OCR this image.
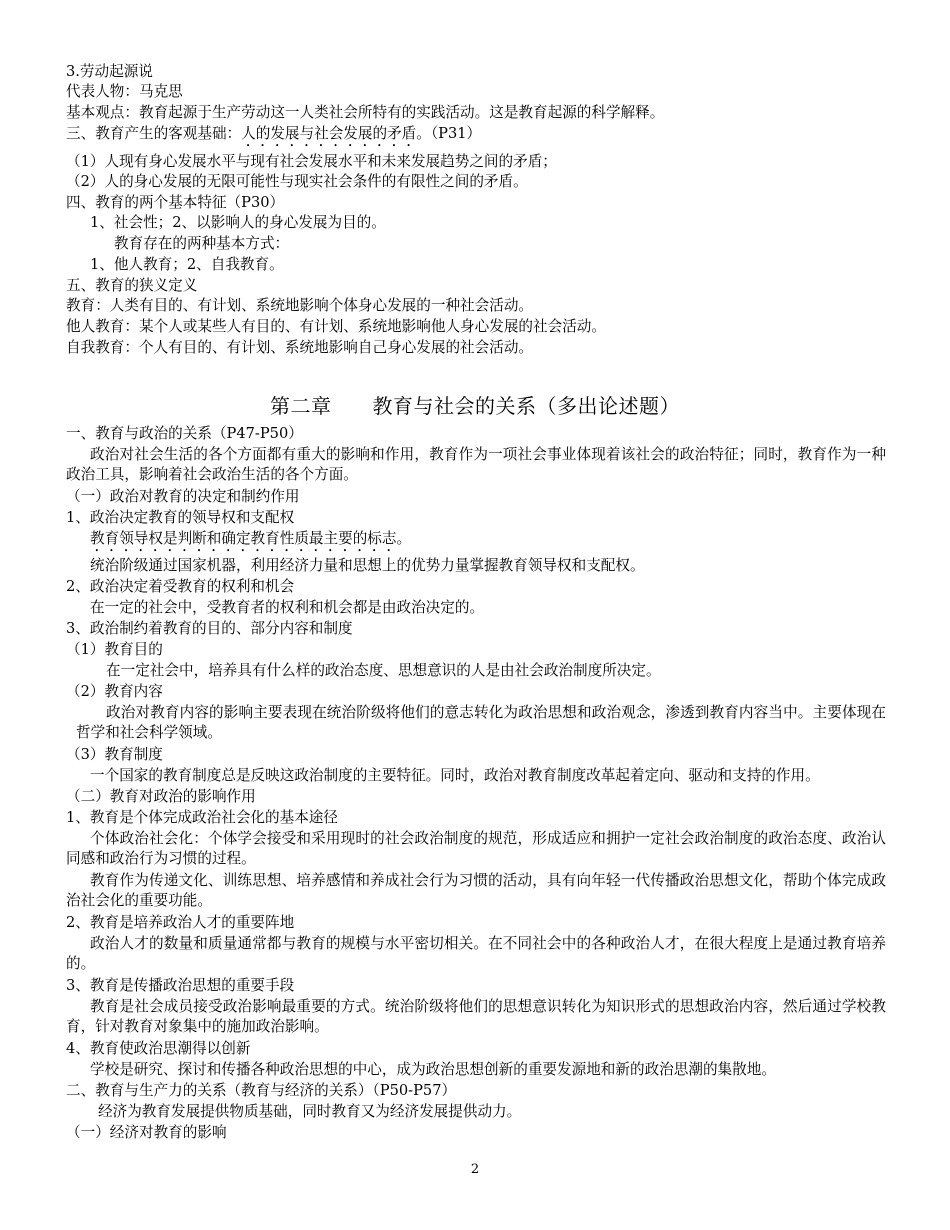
3.劳动起源说
代表人物：马克思
基本观点：教育起源于生产劳动这一人类社会所特有的实践活动。这是教育起源的科学解释。
三、教育产生的客观基础：人的发展与社会发展的矛盾。（P31）
（1）人现有身心发展水平与现有社会发展水平和未来发展趋势之间的矛盾；
（2）人的身心发展的无限可能性与现实社会条件的有限性之间的矛盾。
四、教育的两个基本特征（P30）
1、社会性；2、以影响人的身心发展为目的。
教育存在的两种基本方式：
1、他人教育；2、自我教育。
五、教育的狭义定义
教育：人类有目的、有计划、系统地影响个体身心发展的一种社会活动。
他人教育：某个人或某些人有目的、有计划、系统地影响他人身心发展的社会活动。
自我教育：个人有目的、有计划、系统地影响自己身心发展的社会活动。
第二章　　教育与社会的关系（多出论述题）
一、教育与政治的关系（P47-P50）
政治对社会生活的各个方面都有重大的影响和作用，教育作为一项社会事业体现着该社会的政治特征；同时，教育作为一种政治工具，影响着社会政治生活的各个方面。
（一）政治对教育的决定和制约作用
1、政治决定教育的领导权和支配权
教育领导权是判断和确定教育性质最主要的标志。
统治阶级通过国家机器，利用经济力量和思想上的优势力量掌握教育领导权和支配权。
2、政治决定着受教育的权利和机会
在一定的社会中，受教育者的权利和机会都是由政治决定的。
3、政治制约着教育的目的、部分内容和制度
（1）教育目的
在一定社会中，培养具有什么样的政治态度、思想意识的人是由社会政治制度所决定。
（2）教育内容
政治对教育内容的影响主要表现在统治阶级将他们的意志转化为政治思想和政治观念，渗透到教育内容当中。主要体现在哲学和社会科学领域。
（3）教育制度
一个国家的教育制度总是反映这政治制度的主要特征。同时，政治对教育制度改革起着定向、驱动和支持的作用。
（二）教育对政治的影响作用
1、教育是个体完成政治社会化的基本途径
个体政治社会化：个体学会接受和采用现时的社会政治制度的规范，形成适应和拥护一定社会政治制度的政治态度、政治认同感和政治行为习惯的过程。
教育作为传递文化、训练思想、培养感情和养成社会行为习惯的活动，具有向年轻一代传播政治思想文化，帮助个体完成政治社会化的重要功能。
2、教育是培养政治人才的重要阵地
政治人才的数量和质量通常都与教育的规模与水平密切相关。在不同社会中的各种政治人才，在很大程度上是通过教育培养的。
3、教育是传播政治思想的重要手段
教育是社会成员接受政治影响最重要的方式。统治阶级将他们的思想意识转化为知识形式的思想政治内容，然后通过学校教育，针对教育对象集中的施加政治影响。
4、教育使政治思潮得以创新
学校是研究、探讨和传播各种政治思想的中心，成为政治思想创新的重要发源地和新的政治思潮的集散地。
二、教育与生产力的关系（教育与经济的关系）（P50-P57）
经济为教育发展提供物质基础，同时教育又为经济发展提供动力。
（一）经济对教育的影响
2
